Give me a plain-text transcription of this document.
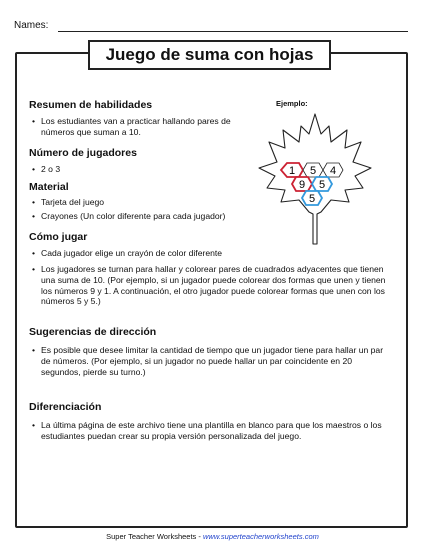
Names:
Juego de suma con hojas
Resumen de habilidades
• Los estudiantes van a practicar hallando pares de números que suman a 10.
Número de jugadores
• 2 o 3
Material
• Tarjeta del juego
• Crayones (Un color diferente para cada jugador)
Cómo jugar
• Cada jugador elige un crayón de color diferente
• Los jugadores se turnan para hallar y colorear pares de cuadrados adyacentes que tienen una suma de 10. (Por ejemplo, si un jugador puede colorear dos formas que unen y tienen los números 9 y 1. A continuación, el otro jugador puede colorear formas que unen con los números 5 y 5.)
Sugerencias de dirección
• Es posible que desee limitar la cantidad de tiempo que un jugador tiene para hallar un par de números. (Por ejemplo, si un jugador no puede hallar un par coincidente en 20 segundos, pierde su turno.)
Diferenciación
• La última página de este archivo tiene una plantilla en blanco para que los maestros o los estudiantes puedan crear su propia versión personalizada del juego.
Ejemplo:
1 5 4
9 5
5
Super Teacher Worksheets - www.superteacherworksheets.com
